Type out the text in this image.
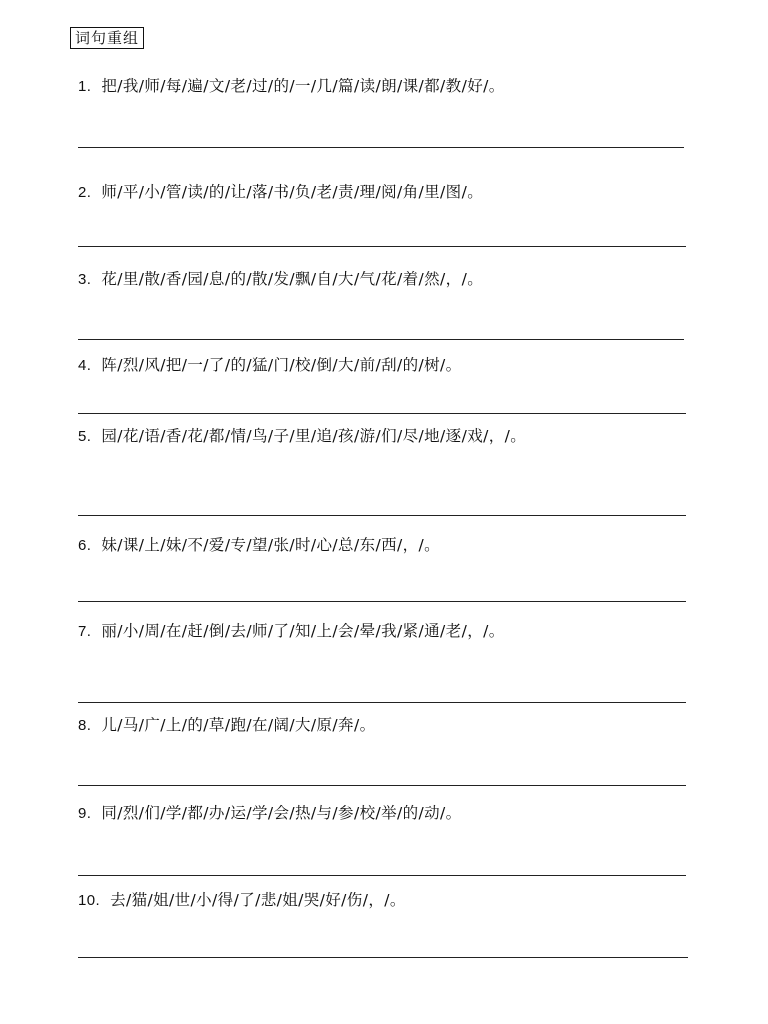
词句重组
1. 把/我/师/每/遍/文/老/过/的/一/几/篇/读/朗/课/都/教/好/。
2. 师/平/小/管/读/的/让/落/书/负/老/责/理/阅/角/里/图/。
3. 花/里/散/香/园/息/的/散/发/飘/自/大/气/花/着/然/，/。
4. 阵/烈/风/把/一/了/的/猛/门/校/倒/大/前/刮/的/树/。
5. 园/花/语/香/花/都/情/鸟/子/里/追/孩/游/们/尽/地/逐/戏/，/。
6. 妹/课/上/妹/不/爱/专/望/张/时/心/总/东/西/，/。
7. 丽/小/周/在/赶/倒/去/师/了/知/上/会/晕/我/紧/通/老/，/。
8. 儿/马/广/上/的/草/跑/在/阔/大/原/奔/。
9. 同/烈/们/学/都/办/运/学/会/热/与/参/校/举/的/动/。
10. 去/猫/姐/世/小/得/了/悲/姐/哭/好/伤/，/。
